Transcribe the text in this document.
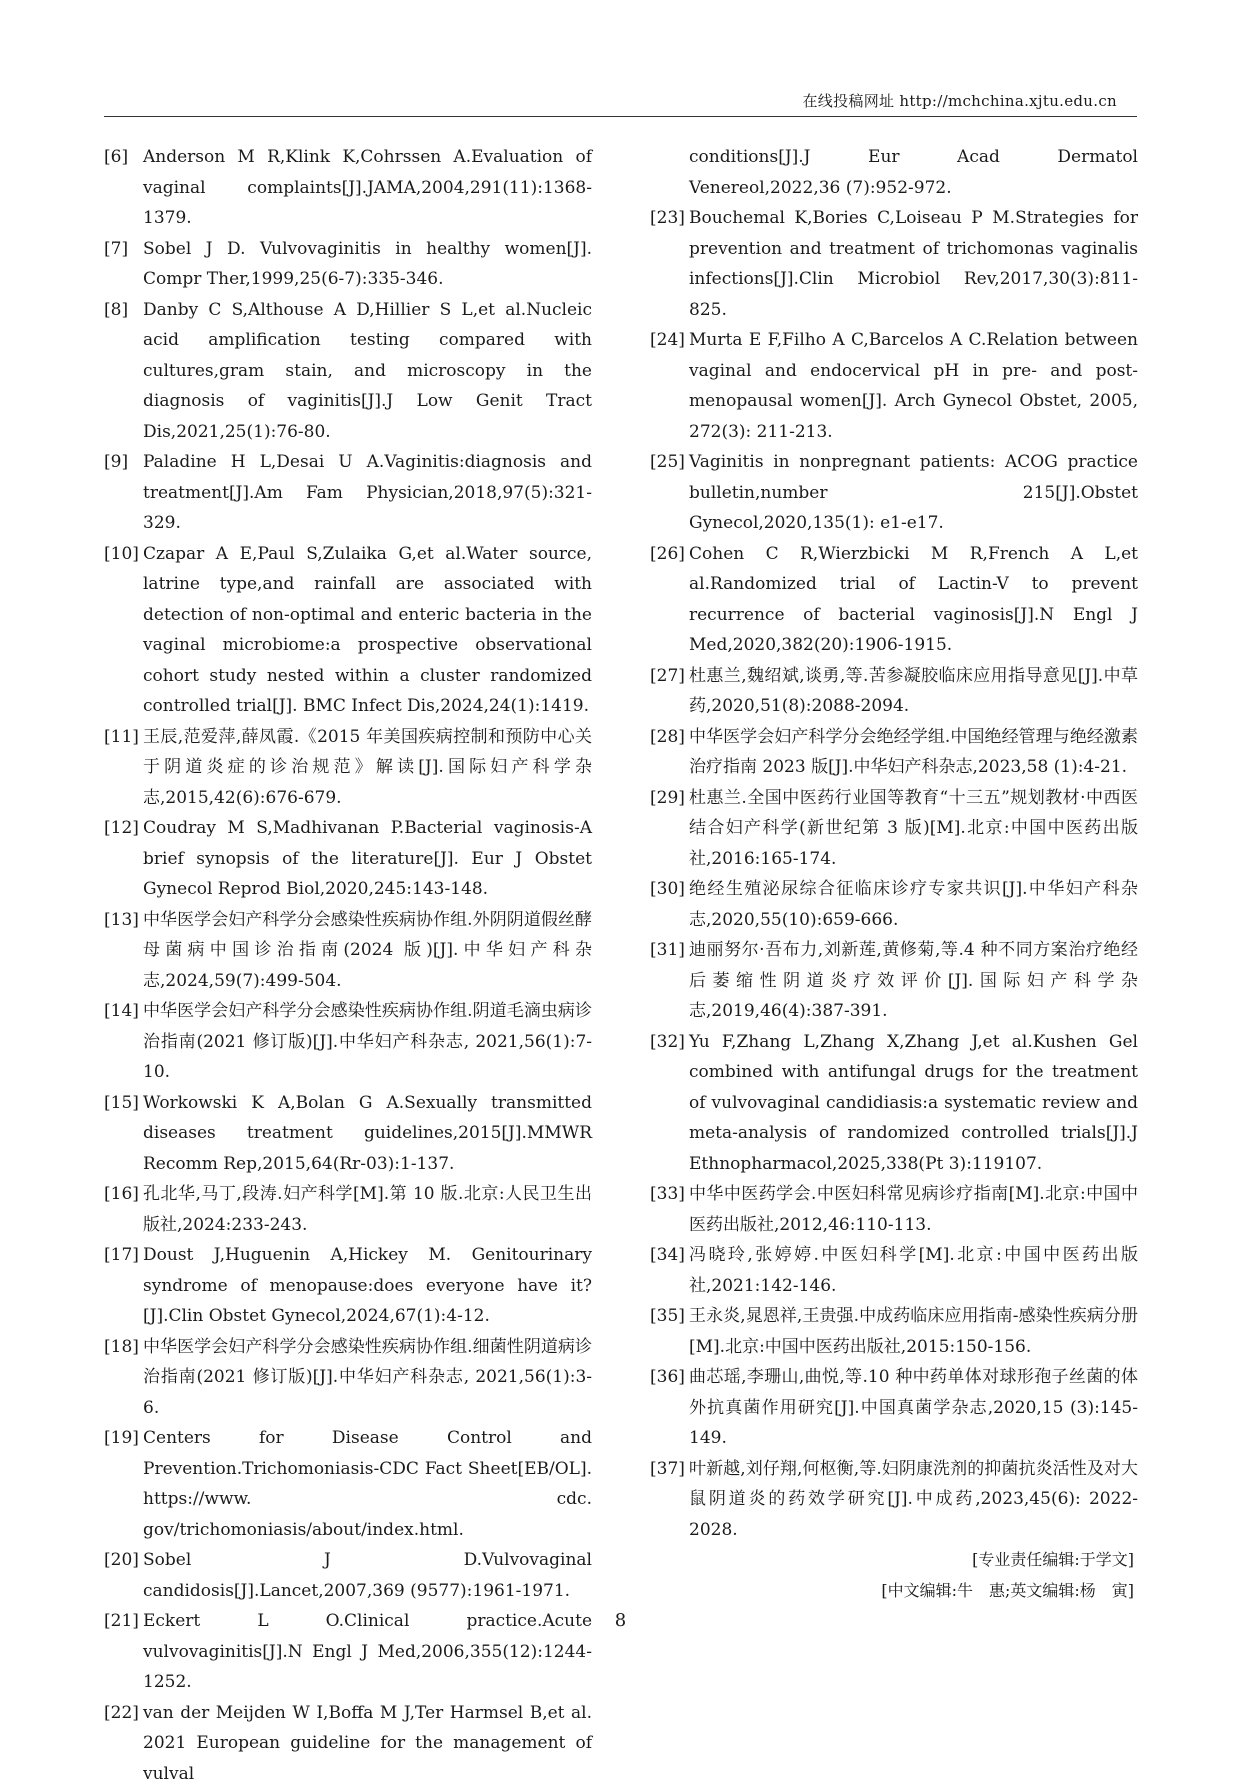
在线投稿网址 http://mchchina.xjtu.edu.cn

[6] Anderson M R,Klink K,Cohrssen A.Evaluation of vaginal complaints[J].JAMA,2004,291(11):1368-1379.

[7] Sobel J D. Vulvovaginitis in healthy women[J]. Compr Ther,1999,25(6-7):335-346.

[8] Danby C S,Althouse A D,Hillier S L,et al.Nucleic acid amplification testing compared with cultures,gram stain, and microscopy in the diagnosis of vaginitis[J].J Low Genit Tract Dis,2021,25(1):76-80.

[9] Paladine H L,Desai U A.Vaginitis:diagnosis and treatment[J].Am Fam Physician,2018,97(5):321-329.

[10] Czapar A E,Paul S,Zulaika G,et al.Water source, latrine type,and rainfall are associated with detection of non-optimal and enteric bacteria in the vaginal microbiome:a prospective observational cohort study nested within a cluster randomized controlled trial[J]. BMC Infect Dis,2024,24(1):1419.

[11] 王辰,范爱萍,薛凤霞.《2015 年美国疾病控制和预防中心关于阴道炎症的诊治规范》解读[J].国际妇产科学杂志,2015,42(6):676-679.

[12] Coudray M S,Madhivanan P.Bacterial vaginosis-A brief synopsis of the literature[J]. Eur J Obstet Gynecol Reprod Biol,2020,245:143-148.

[13] 中华医学会妇产科学分会感染性疾病协作组.外阴阴道假丝酵母菌病中国诊治指南(2024 版)[J].中华妇产科杂志,2024,59(7):499-504.

[14] 中华医学会妇产科学分会感染性疾病协作组.阴道毛滴虫病诊治指南(2021 修订版)[J].中华妇产科杂志, 2021,56(1):7-10.

[15] Workowski K A,Bolan G A.Sexually transmitted diseases treatment guidelines,2015[J].MMWR Recomm Rep,2015,64(Rr-03):1-137.

[16] 孔北华,马丁,段涛.妇产科学[M].第 10 版.北京:人民卫生出版社,2024:233-243.

[17] Doust J,Huguenin A,Hickey M. Genitourinary syndrome of menopause:does everyone have it?[J].Clin Obstet Gynecol,2024,67(1):4-12.

[18] 中华医学会妇产科学分会感染性疾病协作组.细菌性阴道病诊治指南(2021 修订版)[J].中华妇产科杂志, 2021,56(1):3-6.

[19] Centers for Disease Control and Prevention.Trichomoniasis-CDC Fact Sheet[EB/OL]. https://www. cdc. gov/trichomoniasis/about/index.html.

[20] Sobel J D.Vulvovaginal candidosis[J].Lancet,2007,369 (9577):1961-1971.

[21] Eckert L O.Clinical practice.Acute vulvovaginitis[J].N Engl J Med,2006,355(12):1244-1252.

[22] van der Meijden W I,Boffa M J,Ter Harmsel B,et al. 2021 European guideline for the management of vulval

conditions[J].J Eur Acad Dermatol Venereol,2022,36 (7):952-972.

[23] Bouchemal K,Bories C,Loiseau P M.Strategies for prevention and treatment of trichomonas vaginalis infections[J].Clin Microbiol Rev,2017,30(3):811-825.

[24] Murta E F,Filho A C,Barcelos A C.Relation between vaginal and endocervical pH in pre- and post-menopausal women[J]. Arch Gynecol Obstet, 2005, 272(3): 211-213.

[25] Vaginitis in nonpregnant patients: ACOG practice bulletin,number 215[J].Obstet Gynecol,2020,135(1): e1-e17.

[26] Cohen C R,Wierzbicki M R,French A L,et al.Randomized trial of Lactin-V to prevent recurrence of bacterial vaginosis[J].N Engl J Med,2020,382(20):1906-1915.

[27] 杜惠兰,魏绍斌,谈勇,等.苦参凝胶临床应用指导意见[J].中草药,2020,51(8):2088-2094.

[28] 中华医学会妇产科学分会绝经学组.中国绝经管理与绝经激素治疗指南 2023 版[J].中华妇产科杂志,2023,58 (1):4-21.

[29] 杜惠兰.全国中医药行业国等教育“十三五”规划教材·中西医结合妇产科学(新世纪第 3 版)[M].北京:中国中医药出版社,2016:165-174.

[30] 绝经生殖泌尿综合征临床诊疗专家共识[J].中华妇产科杂志,2020,55(10):659-666.

[31] 迪丽努尔·吾布力,刘新莲,黄修菊,等.4 种不同方案治疗绝经后萎缩性阴道炎疗效评价[J].国际妇产科学杂志,2019,46(4):387-391.

[32] Yu F,Zhang L,Zhang X,Zhang J,et al.Kushen Gel combined with antifungal drugs for the treatment of vulvovaginal candidiasis:a systematic review and meta-analysis of randomized controlled trials[J].J Ethnopharmacol,2025,338(Pt 3):119107.

[33] 中华中医药学会.中医妇科常见病诊疗指南[M].北京:中国中医药出版社,2012,46:110-113.

[34] 冯晓玲,张婷婷.中医妇科学[M].北京:中国中医药出版社,2021:142-146.

[35] 王永炎,晁恩祥,王贵强.中成药临床应用指南-感染性疾病分册[M].北京:中国中医药出版社,2015:150-156.

[36] 曲芯瑶,李珊山,曲悦,等.10 种中药单体对球形孢子丝菌的体外抗真菌作用研究[J].中国真菌学杂志,2020,15 (3):145-149.

[37] 叶新越,刘仔翔,何枢衡,等.妇阴康洗剂的抑菌抗炎活性及对大鼠阴道炎的药效学研究[J].中成药,2023,45(6): 2022-2028.

[专业责任编辑:于学文]
[中文编辑:牛　惠;英文编辑:杨　寅]
8
